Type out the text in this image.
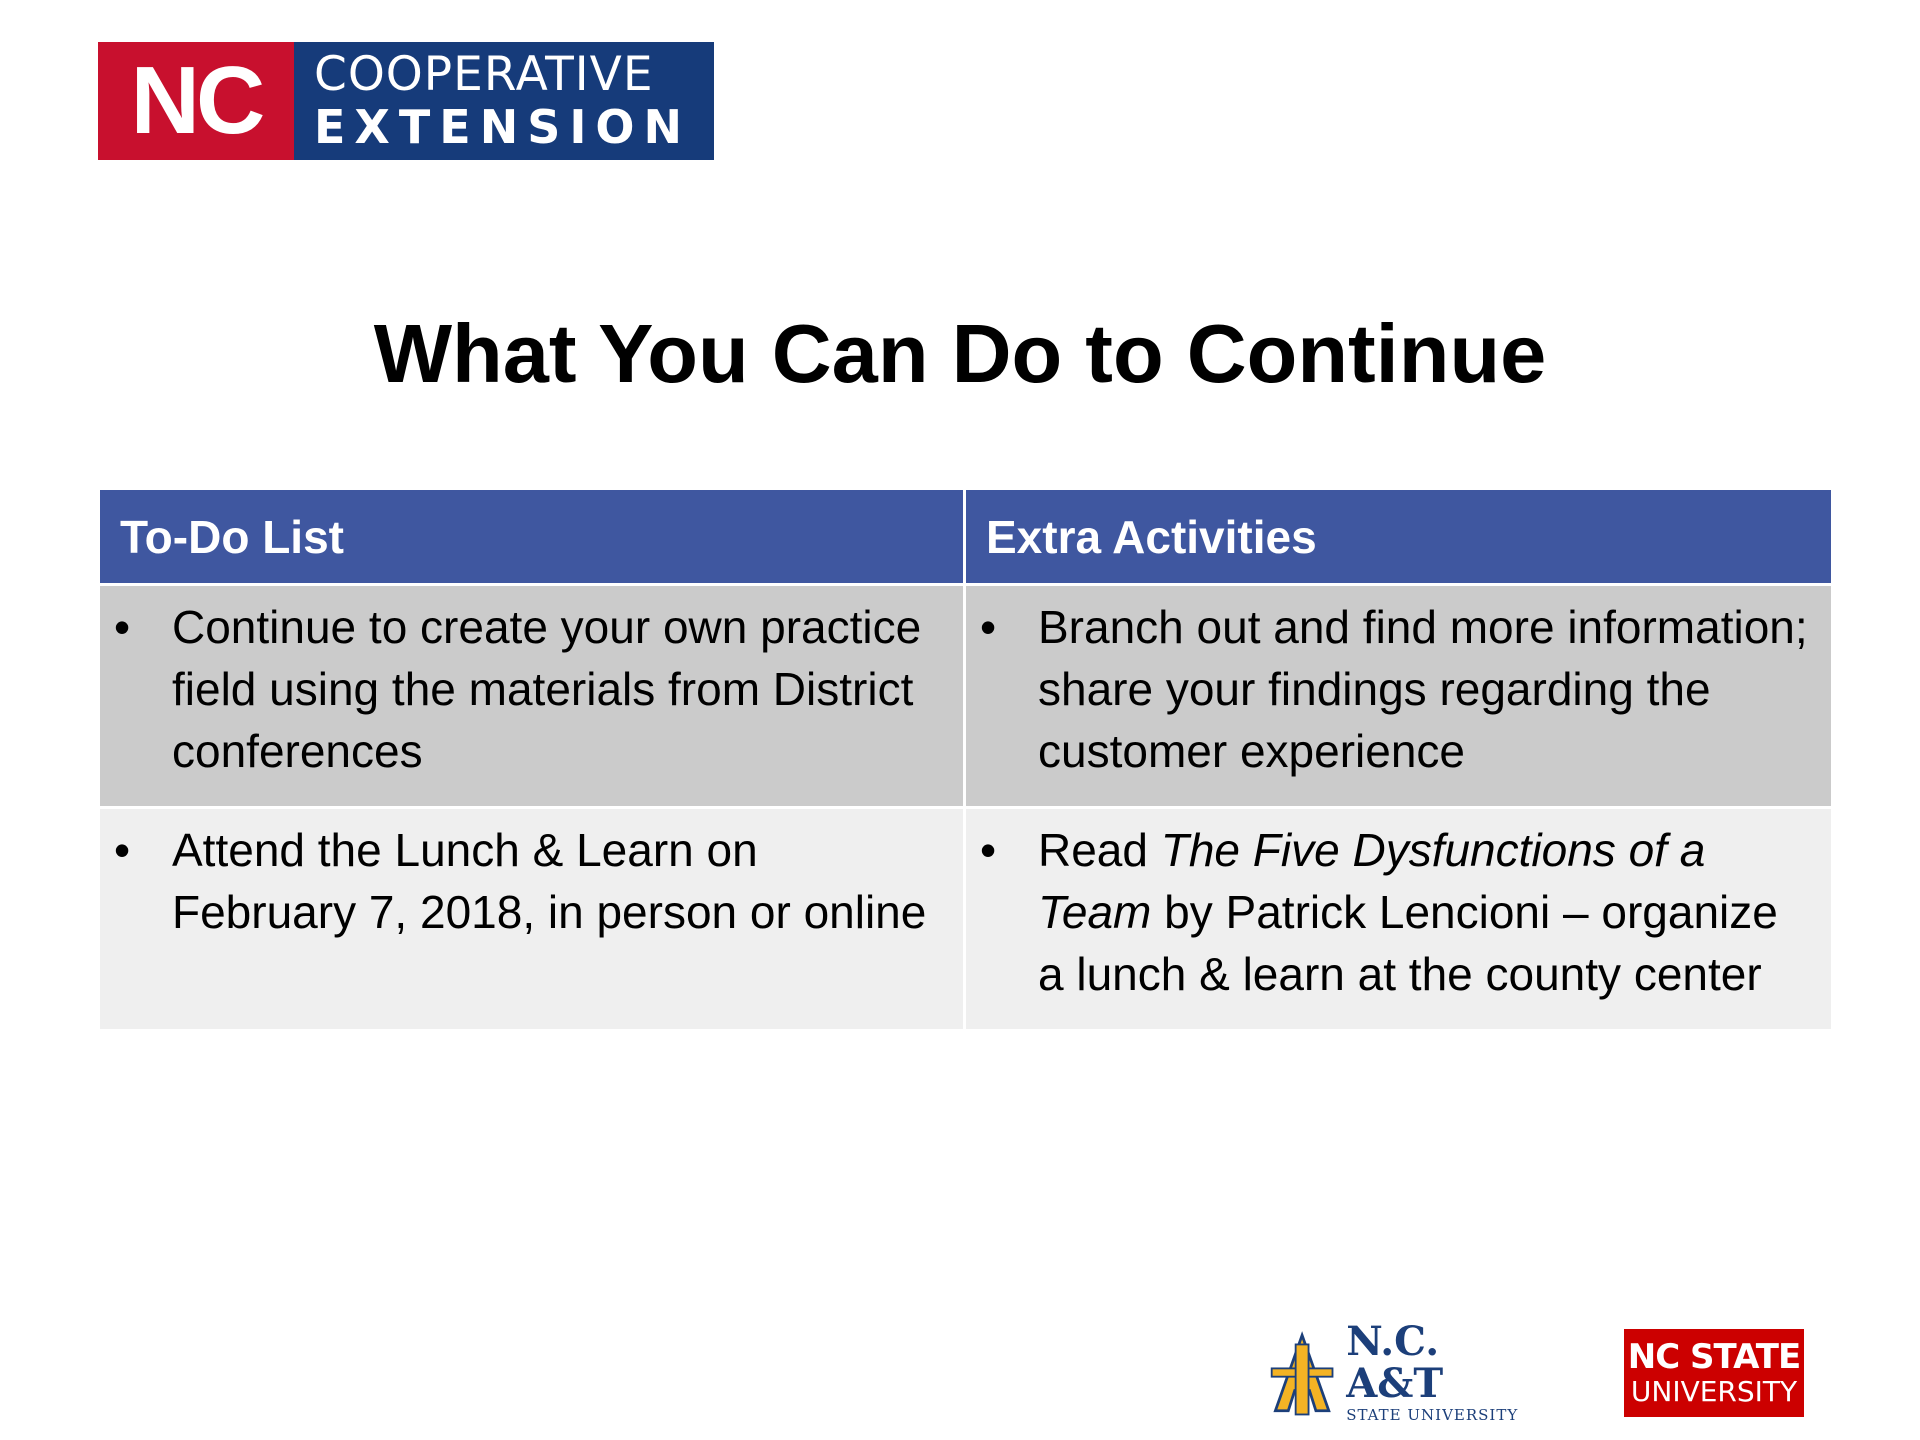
NC	COOPERATIVE
EXTENSION
What You Can Do to Continue
To-Do List	Extra Activities

• Continue to create your own practice field using the materials from District conferences	• Branch out and find more information; share your findings regarding the customer experience

• Attend the Lunch & Learn on February 7, 2018, in person or online	• Read The Five Dysfunctions of a Team by Patrick Lencioni – organize a lunch & learn at the county center
N.C. A&T
STATE UNIVERSITY
NC STATE
UNIVERSITY
